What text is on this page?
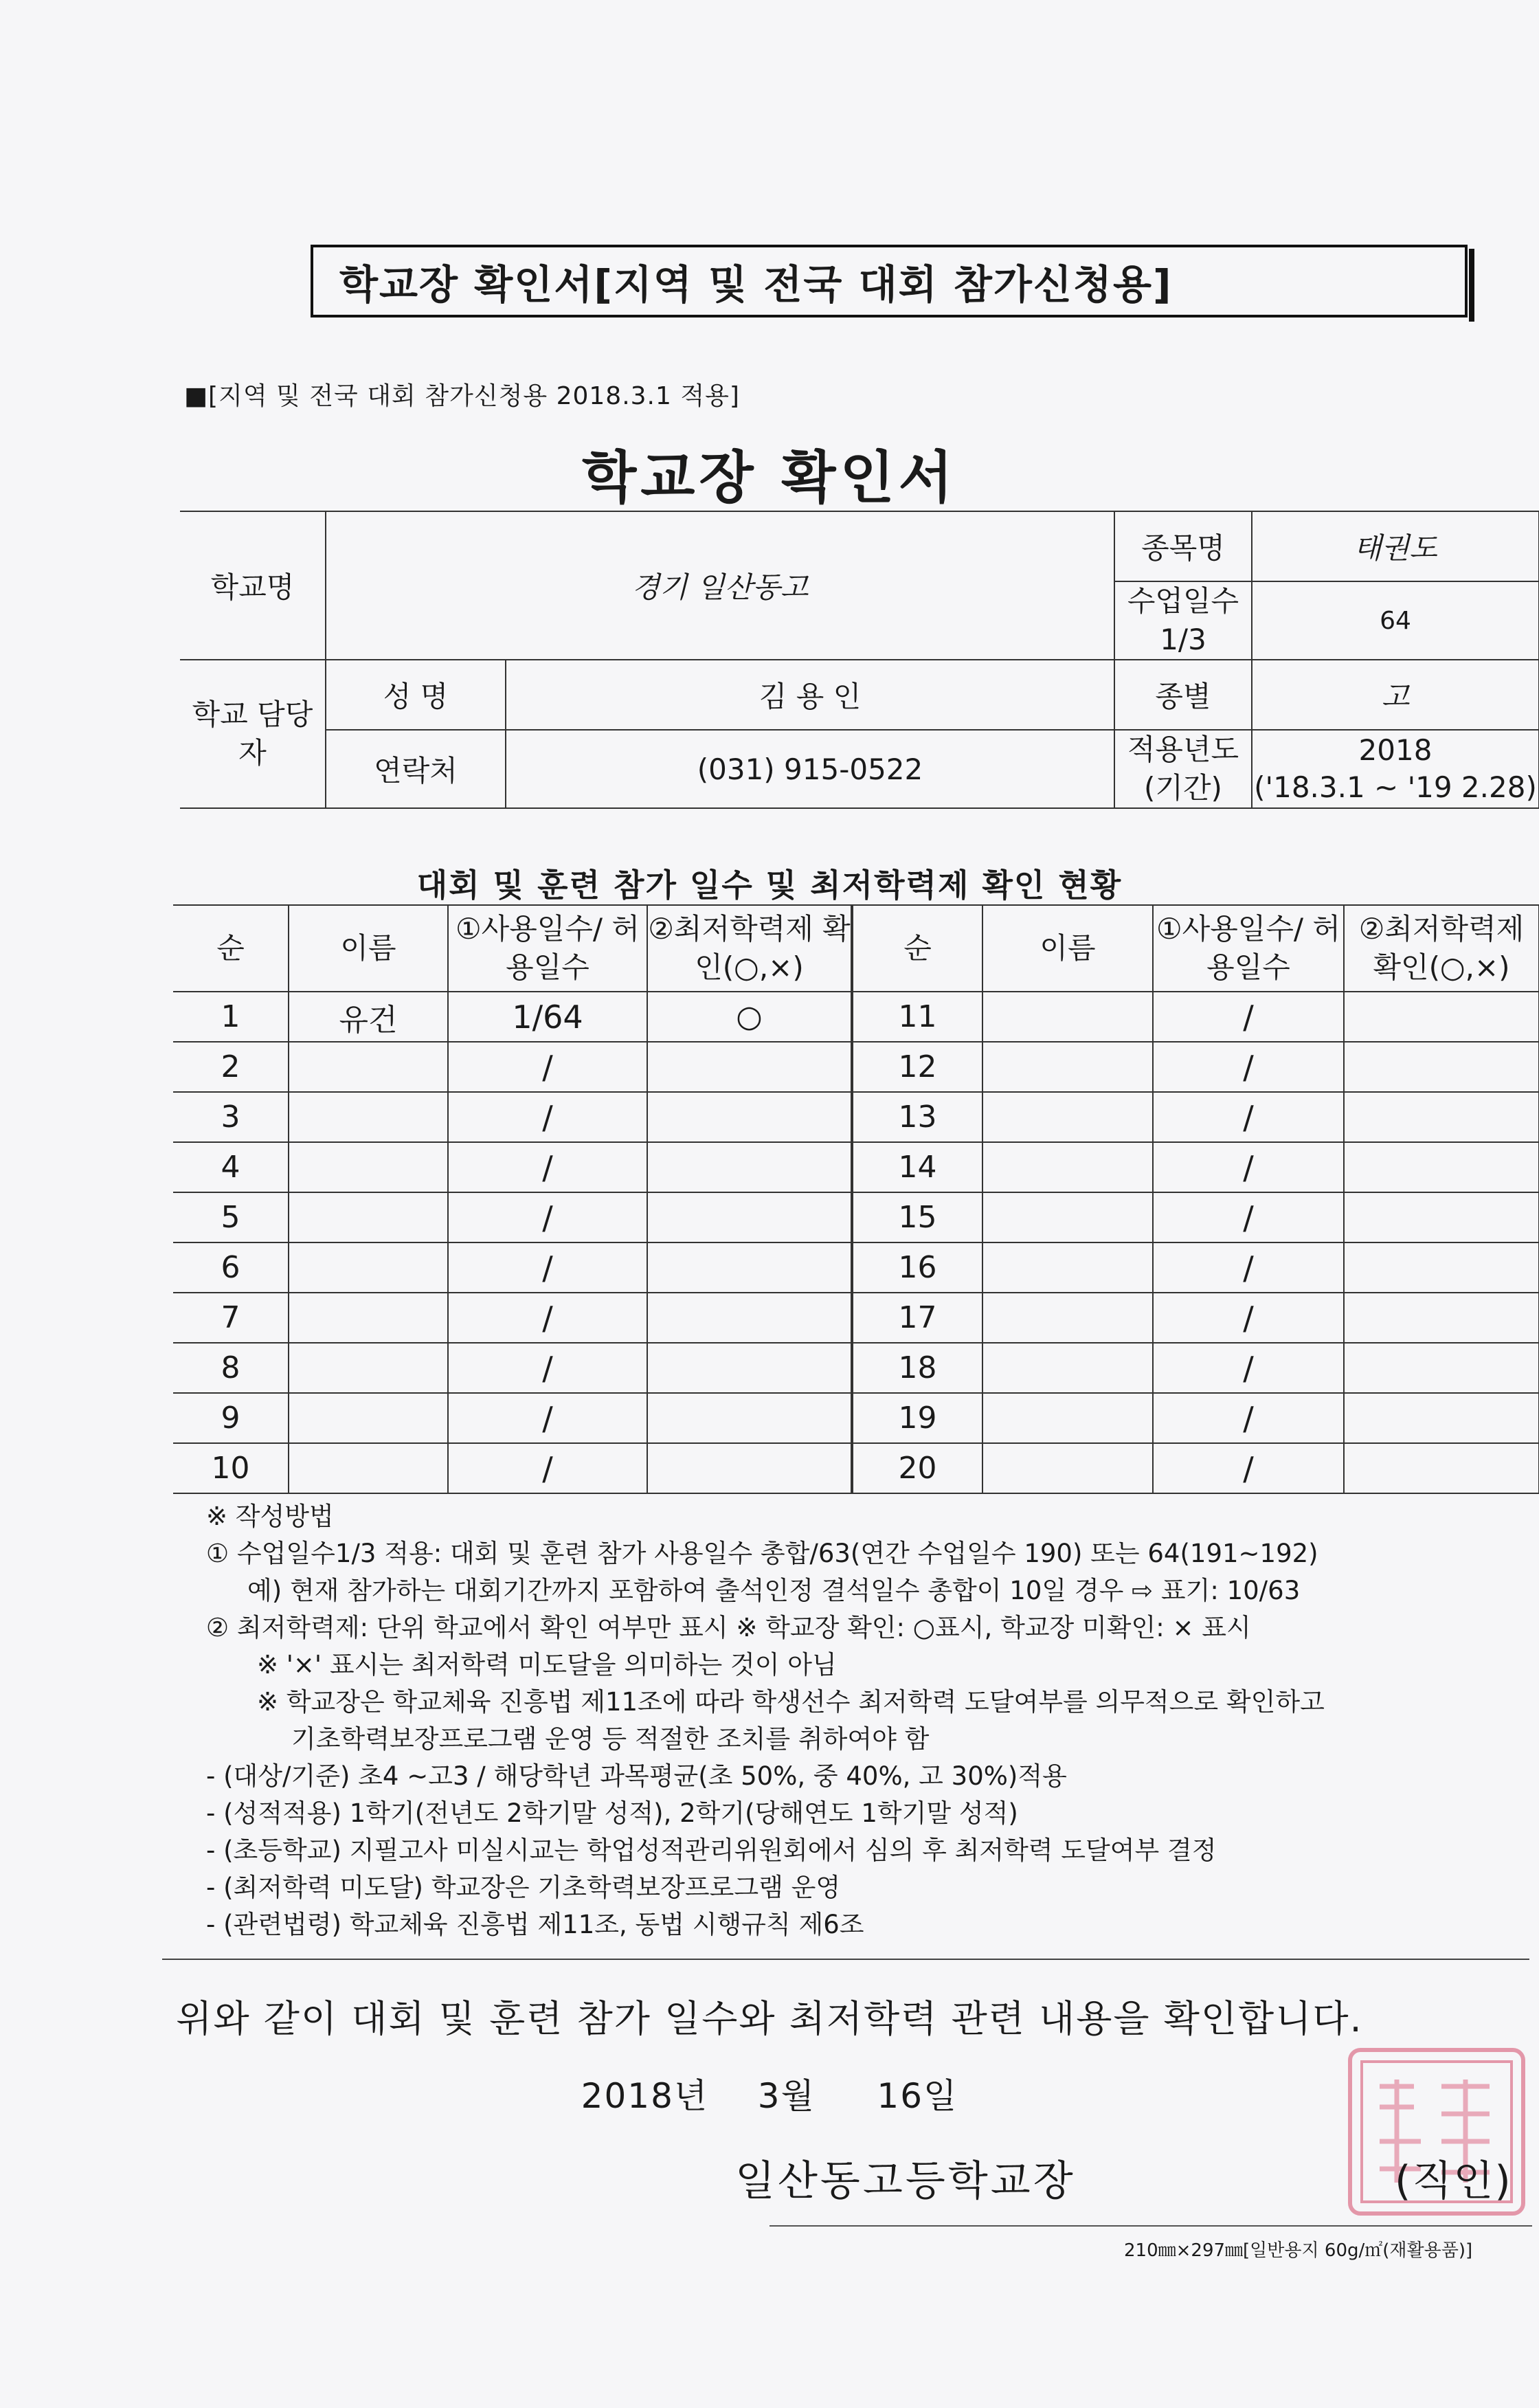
학교장 확인서[지역 및 전국 대회 참가신청용]
■[지역 및 전국 대회 참가신청용 2018.3.1 적용]
학교장 확인서
학교명	경기 일산동고		종목명	태권도
			수업일수 1/3	64
학교 담당자	성 명	김 용 인	종별	고
	연락처	(031) 915-0522	적용년도 (기간)	2018
('18.3.1 ~ '19 2.28)
대회 및 훈련 참가 일수 및 최저학력제 확인 현황
순	이름	①사용일수/ 허용일수	②최저학력제 확인(○,×)	순	이름	①사용일수/ 허용일수	②최저학력제 확인(○,×)
1	유건	1/64	○	11		/	
2		/		12		/	
3		/		13		/	
4		/		14		/	
5		/		15		/	
6		/		16		/	
7		/		17		/	
8		/		18		/	
9		/		19		/	
10		/		20		/	
※ 작성방법
① 수업일수1/3 적용: 대회 및 훈련 참가 사용일수 총합/63(연간 수업일수 190) 또는 64(191~192)
예) 현재 참가하는 대회기간까지 포함하여 출석인정 결석일수 총합이 10일 경우 ⇨ 표기: 10/63
② 최저학력제: 단위 학교에서 확인 여부만 표시 ※ 학교장 확인: ○표시, 학교장 미확인: × 표시
※ '×' 표시는 최저학력 미도달을 의미하는 것이 아님
※ 학교장은 학교체육 진흥법 제11조에 따라 학생선수 최저학력 도달여부를 의무적으로 확인하고
기초학력보장프로그램 운영 등 적절한 조치를 취하여야 함
- (대상/기준) 초4 ~고3 / 해당학년 과목평균(초 50%, 중 40%, 고 30%)적용
- (성적적용) 1학기(전년도 2학기말 성적), 2학기(당해연도 1학기말 성적)
- (초등학교) 지필고사 미실시교는 학업성적관리위원회에서 심의 후 최저학력 도달여부 결정
- (최저학력 미도달) 학교장은 기초학력보장프로그램 운영
- (관련법령) 학교체육 진흥법 제11조, 동법 시행규칙 제6조
위와 같이 대회 및 훈련 참가 일수와 최저학력 관련 내용을 확인합니다.
2018년 3월 16일
일산동고등학교장	(직인)
210㎜×297㎜[일반용지 60g/㎡(재활용품)]
